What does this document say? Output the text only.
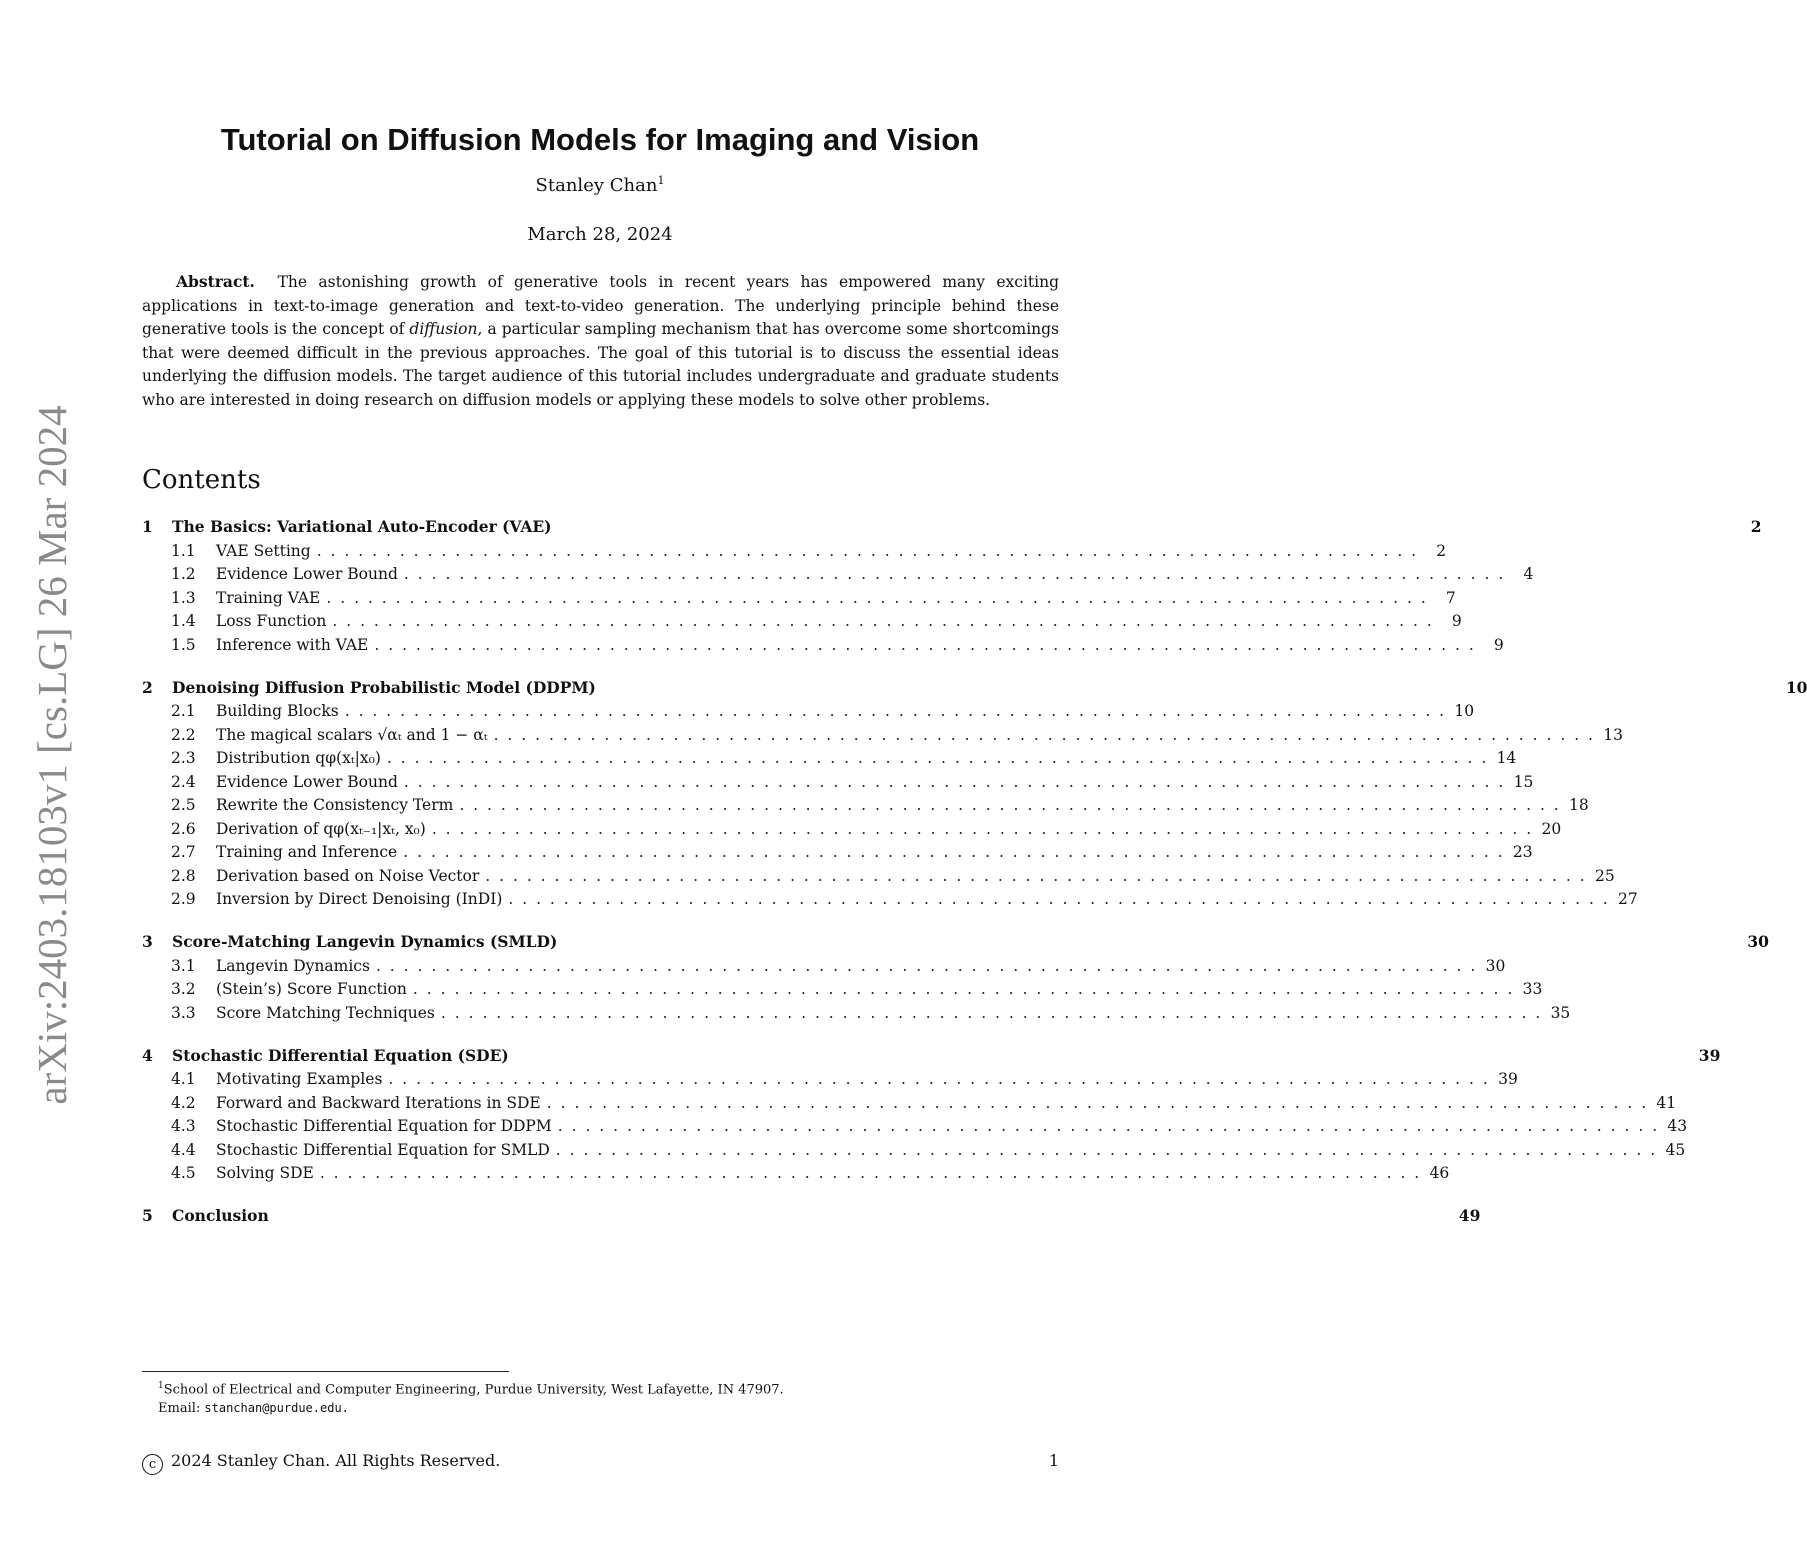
arXiv:2403.18103v1 [cs.LG] 26 Mar 2024
Tutorial on Diffusion Models for Imaging and Vision
Stanley Chan$^1$
March 28, 2024

Abstract. The astonishing growth of generative tools in recent years has empowered many exciting applications in text-to-image generation and text-to-video generation. The underlying principle behind these generative tools is the concept of diffusion, a particular sampling mechanism that has overcome some shortcomings that were deemed difficult in the previous approaches. The goal of this tutorial is to discuss the essential ideas underlying the diffusion models. The target audience of this tutorial includes undergraduate and graduate students who are interested in doing research on diffusion models or applying these models to solve other problems.

Contents
1	The Basics: Variational Auto-Encoder (VAE)	2
1.1	VAE Setting . . . . . . . . . . . . . . . . . . . . . . . . . . . . . . . . . . . . . . . . . . . . . . . . . . . . . . . . . . . . . . . . . . . . . . . . . . . . . . . .	2
1.2	Evidence Lower Bound . . . . . . . . . . . . . . . . . . . . . . . . . . . . . . . . . . . . . . . . . . . . . . . . . . . . . . . . . . . . . . . . . . . . . . . . . . . . . . . .	4
1.3	Training VAE . . . . . . . . . . . . . . . . . . . . . . . . . . . . . . . . . . . . . . . . . . . . . . . . . . . . . . . . . . . . . . . . . . . . . . . . . . . . . . . .	7
1.4	Loss Function . . . . . . . . . . . . . . . . . . . . . . . . . . . . . . . . . . . . . . . . . . . . . . . . . . . . . . . . . . . . . . . . . . . . . . . . . . . . . . . .	9
1.5	Inference with VAE . . . . . . . . . . . . . . . . . . . . . . . . . . . . . . . . . . . . . . . . . . . . . . . . . . . . . . . . . . . . . . . . . . . . . . . . . . . . . . . .	9
2	Denoising Diffusion Probabilistic Model (DDPM)	10
2.1	Building Blocks . . . . . . . . . . . . . . . . . . . . . . . . . . . . . . . . . . . . . . . . . . . . . . . . . . . . . . . . . . . . . . . . . . . . . . . . . . . . . . . . 10
2.2	The magical scalars √αₜ and 1 − αₜ . . . . . . . . . . . . . . . . . . . . . . . . . . . . . . . . . . . . . . . . . . . . . . . . . . . . . . . . . . . . . . . . . . . . . . . . . . . . . . . . 13
2.3	Distribution qφ(xₜ|x₀) . . . . . . . . . . . . . . . . . . . . . . . . . . . . . . . . . . . . . . . . . . . . . . . . . . . . . . . . . . . . . . . . . . . . . . . . . . . . . . . . 14
2.4	Evidence Lower Bound . . . . . . . . . . . . . . . . . . . . . . . . . . . . . . . . . . . . . . . . . . . . . . . . . . . . . . . . . . . . . . . . . . . . . . . . . . . . . . . . 15
2.5	Rewrite the Consistency Term . . . . . . . . . . . . . . . . . . . . . . . . . . . . . . . . . . . . . . . . . . . . . . . . . . . . . . . . . . . . . . . . . . . . . . . . . . . . . . . . 18
2.6	Derivation of qφ(xₜ₋₁|xₜ, x₀) . . . . . . . . . . . . . . . . . . . . . . . . . . . . . . . . . . . . . . . . . . . . . . . . . . . . . . . . . . . . . . . . . . . . . . . . . . . . . . . . 20
2.7	Training and Inference . . . . . . . . . . . . . . . . . . . . . . . . . . . . . . . . . . . . . . . . . . . . . . . . . . . . . . . . . . . . . . . . . . . . . . . . . . . . . . . . 23
2.8	Derivation based on Noise Vector . . . . . . . . . . . . . . . . . . . . . . . . . . . . . . . . . . . . . . . . . . . . . . . . . . . . . . . . . . . . . . . . . . . . . . . . . . . . . . . . 25
2.9	Inversion by Direct Denoising (InDI) . . . . . . . . . . . . . . . . . . . . . . . . . . . . . . . . . . . . . . . . . . . . . . . . . . . . . . . . . . . . . . . . . . . . . . . . . . . . . . . . 27
3	Score-Matching Langevin Dynamics (SMLD)	30
3.1	Langevin Dynamics . . . . . . . . . . . . . . . . . . . . . . . . . . . . . . . . . . . . . . . . . . . . . . . . . . . . . . . . . . . . . . . . . . . . . . . . . . . . . . . . 30
3.2	(Stein’s) Score Function . . . . . . . . . . . . . . . . . . . . . . . . . . . . . . . . . . . . . . . . . . . . . . . . . . . . . . . . . . . . . . . . . . . . . . . . . . . . . . . . 33
3.3	Score Matching Techniques . . . . . . . . . . . . . . . . . . . . . . . . . . . . . . . . . . . . . . . . . . . . . . . . . . . . . . . . . . . . . . . . . . . . . . . . . . . . . . . . 35
4	Stochastic Differential Equation (SDE)	39
4.1	Motivating Examples . . . . . . . . . . . . . . . . . . . . . . . . . . . . . . . . . . . . . . . . . . . . . . . . . . . . . . . . . . . . . . . . . . . . . . . . . . . . . . . . 39
4.2	Forward and Backward Iterations in SDE . . . . . . . . . . . . . . . . . . . . . . . . . . . . . . . . . . . . . . . . . . . . . . . . . . . . . . . . . . . . . . . . . . . . . . . . . . . . . . . . 41
4.3	Stochastic Differential Equation for DDPM . . . . . . . . . . . . . . . . . . . . . . . . . . . . . . . . . . . . . . . . . . . . . . . . . . . . . . . . . . . . . . . . . . . . . . . . . . . . . . . . 43
4.4	Stochastic Differential Equation for SMLD . . . . . . . . . . . . . . . . . . . . . . . . . . . . . . . . . . . . . . . . . . . . . . . . . . . . . . . . . . . . . . . . . . . . . . . . . . . . . . . . 45
4.5	Solving SDE . . . . . . . . . . . . . . . . . . . . . . . . . . . . . . . . . . . . . . . . . . . . . . . . . . . . . . . . . . . . . . . . . . . . . . . . . . . . . . . . 46
5	Conclusion	49
$^1$School of Electrical and Computer Engineering, Purdue University, West Lafayette, IN 47907.
Email: stanchan@purdue.edu.
c 2024 Stanley Chan. All Rights Reserved.	1
